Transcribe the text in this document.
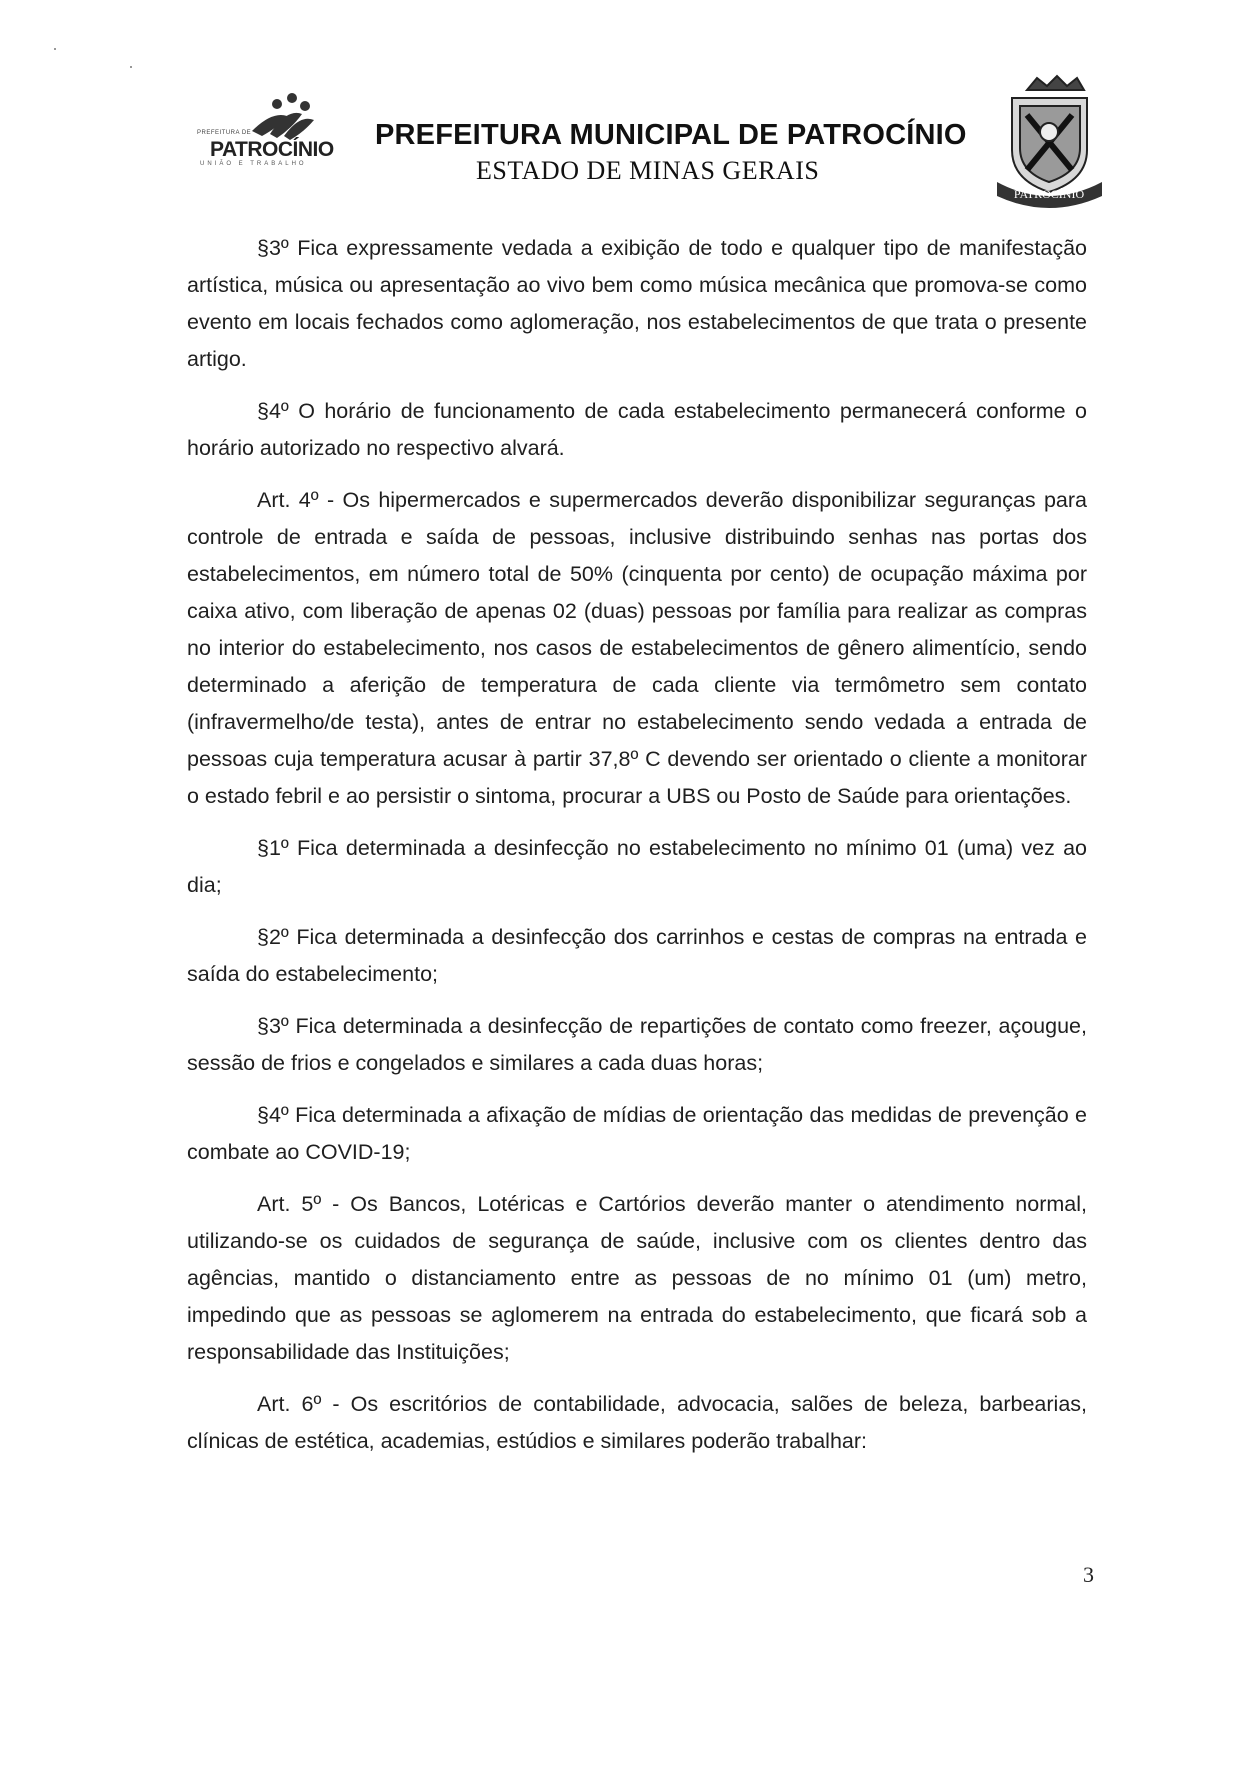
PREFEITURA DE
PATROCÍNIO
UNIÃO E TRABALHO
PREFEITURA MUNICIPAL DE PATROCÍNIO
ESTADO DE MINAS GERAIS
PATROCÍNIO

§3º Fica expressamente vedada a exibição de todo e qualquer tipo de manifestação artística, música ou apresentação ao vivo bem como música mecânica que promova-se como evento em locais fechados como aglomeração, nos estabelecimentos de que trata o presente artigo.

§4º O horário de funcionamento de cada estabelecimento permanecerá conforme o horário autorizado no respectivo alvará.

Art. 4º - Os hipermercados e supermercados deverão disponibilizar seguranças para controle de entrada e saída de pessoas, inclusive distribuindo senhas nas portas dos estabelecimentos, em número total de 50% (cinquenta por cento) de ocupação máxima por caixa ativo, com liberação de apenas 02 (duas) pessoas por família para realizar as compras no interior do estabelecimento, nos casos de estabelecimentos de gênero alimentício, sendo determinado a aferição de temperatura de cada cliente via termômetro sem contato (infravermelho/de testa), antes de entrar no estabelecimento sendo vedada a entrada de pessoas cuja temperatura acusar à partir 37,8º C devendo ser orientado o cliente a monitorar o estado febril e ao persistir o sintoma, procurar a UBS ou Posto de Saúde para orientações.

§1º Fica determinada a desinfecção no estabelecimento no mínimo 01 (uma) vez ao dia;

§2º Fica determinada a desinfecção dos carrinhos e cestas de compras na entrada e saída do estabelecimento;

§3º Fica determinada a desinfecção de repartições de contato como freezer, açougue, sessão de frios e congelados e similares a cada duas horas;

§4º Fica determinada a afixação de mídias de orientação das medidas de prevenção e combate ao COVID-19;

Art. 5º - Os Bancos, Lotéricas e Cartórios deverão manter o atendimento normal, utilizando-se os cuidados de segurança de saúde, inclusive com os clientes dentro das agências, mantido o distanciamento entre as pessoas de no mínimo 01 (um) metro, impedindo que as pessoas se aglomerem na entrada do estabelecimento, que ficará sob a responsabilidade das Instituições;

Art. 6º - Os escritórios de contabilidade, advocacia, salões de beleza, barbearias, clínicas de estética, academias, estúdios e similares poderão trabalhar:

3
